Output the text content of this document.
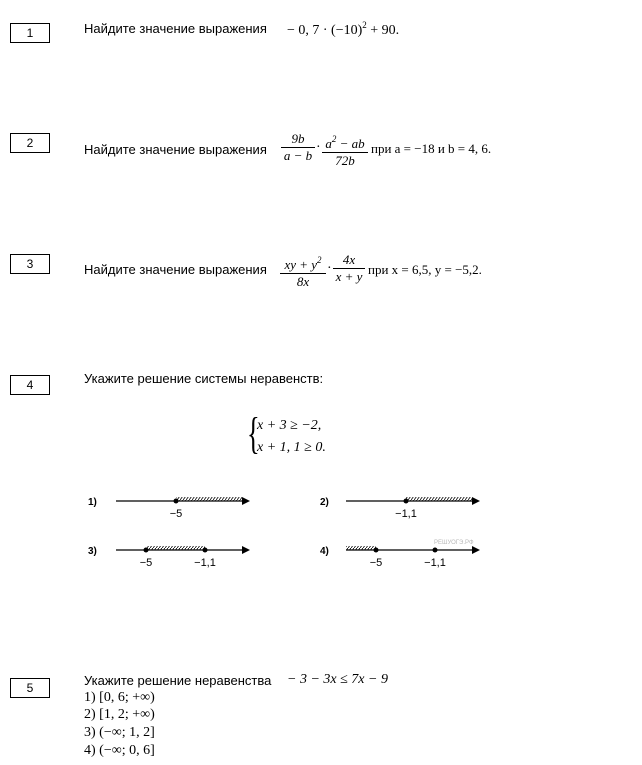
1	Найдите значение выражения − 0, $7 \cdot (-10)^2 + 90$.
2	Найдите значение выражения $\frac{9b}{a - b} \cdot \frac{a^2 - ab}{72b}$ при a = −18 и b = 4, 6.
3	Найдите значение выражения $\frac{xy + y^2}{8x} \cdot \frac{4x}{x + y}$ при x = 6,5, y = −5,2.
4	Укажите решение системы неравенств:
{
x + 3 ≥ −2,
x + 1, 1 ≥ 0.
1)	2)
3)	4)
−5	−1,1
−5	−1,1	−5	−1,1
РЕШУОГЭ.РФ
5	Укажите решение неравенства − 3 − 3x ≤ 7x − 9
1) [0, 6; +∞)
2) [1, 2; +∞)
3) (−∞; 1, 2]
4) (−∞; 0, 6]
